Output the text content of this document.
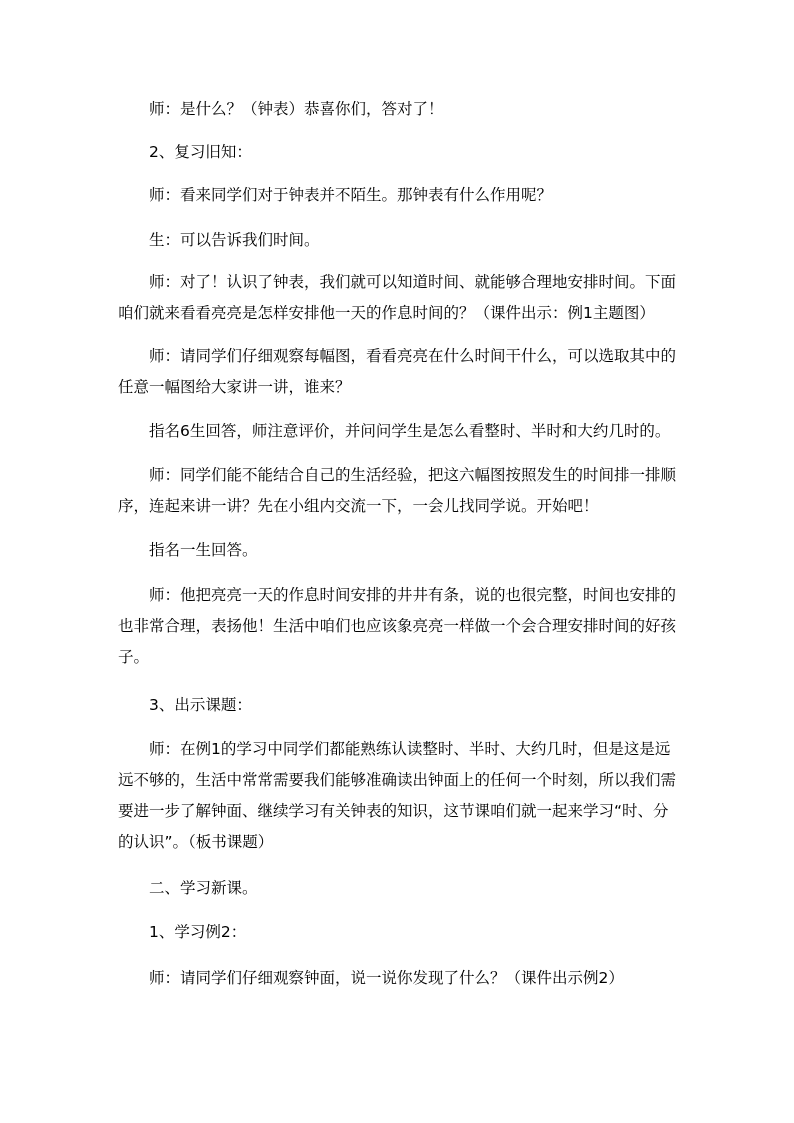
师：是什么？（钟表）恭喜你们，答对了！

2、复习旧知：

师：看来同学们对于钟表并不陌生。那钟表有什么作用呢？

生：可以告诉我们时间。

师：对了！认识了钟表，我们就可以知道时间、就能够合理地安排时间。下面咱们就来看看亮亮是怎样安排他一天的作息时间的？（课件出示：例1主题图）

师：请同学们仔细观察每幅图，看看亮亮在什么时间干什么，可以选取其中的任意一幅图给大家讲一讲，谁来？

指名6生回答，师注意评价，并问问学生是怎么看整时、半时和大约几时的。

师：同学们能不能结合自己的生活经验，把这六幅图按照发生的时间排一排顺序，连起来讲一讲？先在小组内交流一下，一会儿找同学说。开始吧！

指名一生回答。

师：他把亮亮一天的作息时间安排的井井有条，说的也很完整，时间也安排的也非常合理，表扬他！生活中咱们也应该象亮亮一样做一个会合理安排时间的好孩子。

3、出示课题：

师：在例1的学习中同学们都能熟练认读整时、半时、大约几时，但是这是远远不够的，生活中常常需要我们能够准确读出钟面上的任何一个时刻，所以我们需要进一步了解钟面、继续学习有关钟表的知识，这节课咱们就一起来学习“时、分的认识”。（板书课题）

二、学习新课。

1、学习例2：

师：请同学们仔细观察钟面，说一说你发现了什么？（课件出示例2）
